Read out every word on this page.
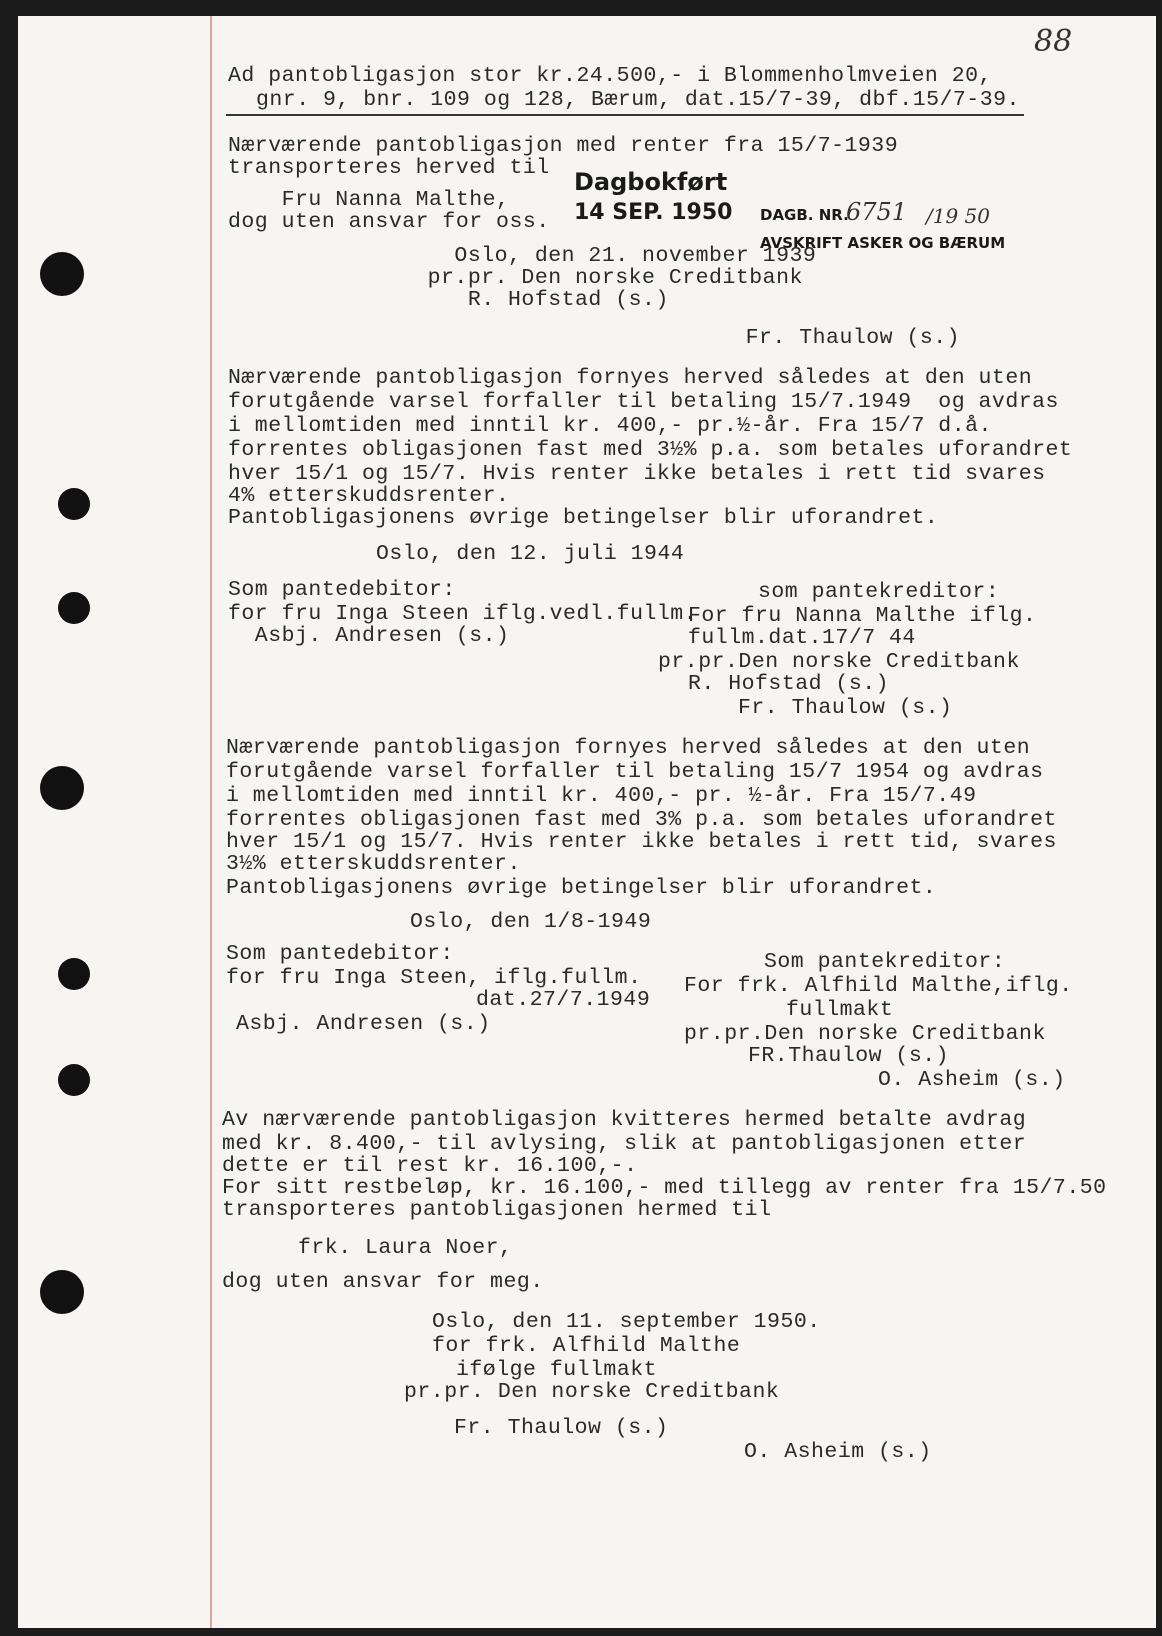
88
Ad pantobligasjon stor kr.24.500,- i Blommenholmveien 20,
gnr. 9, bnr. 109 og 128, Bærum, dat.15/7-39, dbf.15/7-39.
Dagbokført
14 SEP. 1950 DAGB. NR.
6751 /19 50
AVSKRIFT ASKER OG BÆRUM
Nærværende pantobligasjon med renter fra 15/7-1939
transporteres herved til
Fru Nanna Malthe,
dog uten ansvar for oss.
Oslo, den 21. november 1939
pr.pr. Den norske Creditbank
R. Hofstad (s.)
Fr. Thaulow (s.)
Nærværende pantobligasjon fornyes herved således at den uten
forutgående varsel forfaller til betaling 15/7.1949  og avdras
i mellomtiden med inntil kr. 400,- pr.½-år. Fra 15/7 d.å.
forrentes obligasjonen fast med 3½% p.a. som betales uforandret
hver 15/1 og 15/7. Hvis renter ikke betales i rett tid svares
4% etterskuddsrenter.
Pantobligasjonens øvrige betingelser blir uforandret.
Oslo, den 12. juli 1944
Som pantedebitor:
for fru Inga Steen iflg.vedl.fullm.
Asbj. Andresen (s.)
som pantekreditor:
For fru Nanna Malthe iflg.
fullm.dat.17/7 44
pr.pr.Den norske Creditbank
R. Hofstad (s.)
Fr. Thaulow (s.)
Nærværende pantobligasjon fornyes herved således at den uten
forutgående varsel forfaller til betaling 15/7 1954 og avdras
i mellomtiden med inntil kr. 400,- pr. ½-år. Fra 15/7.49
forrentes obligasjonen fast med 3% p.a. som betales uforandret
hver 15/1 og 15/7. Hvis renter ikke betales i rett tid, svares
3½% etterskuddsrenter.
Pantobligasjonens øvrige betingelser blir uforandret.
Oslo, den 1/8-1949
Som pantedebitor:
for fru Inga Steen, iflg.fullm.
dat.27/7.1949
Asbj. Andresen (s.)
Som pantekreditor:
For frk. Alfhild Malthe,iflg.
fullmakt
pr.pr.Den norske Creditbank
FR.Thaulow (s.)
O. Asheim (s.)
Av nærværende pantobligasjon kvitteres hermed betalte avdrag
med kr. 8.400,- til avlysing, slik at pantobligasjonen etter
dette er til rest kr. 16.100,-.
For sitt restbeløp, kr. 16.100,- med tillegg av renter fra 15/7.50
transporteres pantobligasjonen hermed til
frk. Laura Noer,
dog uten ansvar for meg.
Oslo, den 11. september 1950.
for frk. Alfhild Malthe
ifølge fullmakt
pr.pr. Den norske Creditbank
Fr. Thaulow (s.)
O. Asheim (s.)
